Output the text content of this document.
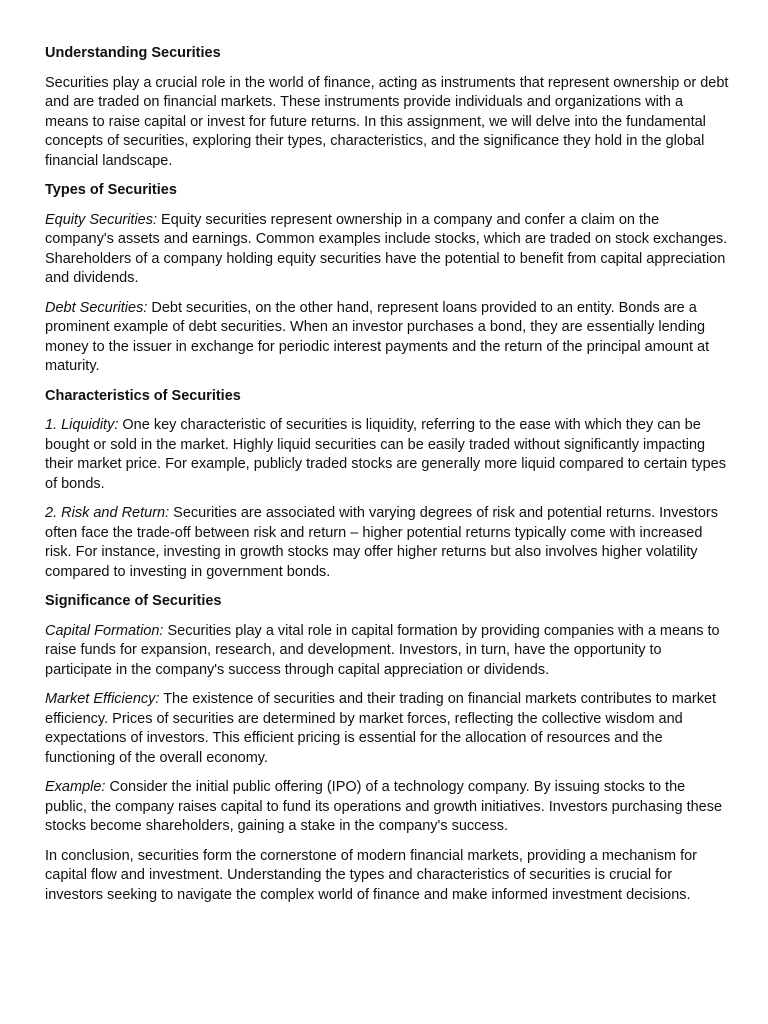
Understanding Securities

Securities play a crucial role in the world of finance, acting as instruments that represent ownership or debt and are traded on financial markets. These instruments provide individuals and organizations with a means to raise capital or invest for future returns. In this assignment, we will delve into the fundamental concepts of securities, exploring their types, characteristics, and the significance they hold in the global financial landscape.

Types of Securities

Equity Securities: Equity securities represent ownership in a company and confer a claim on the company's assets and earnings. Common examples include stocks, which are traded on stock exchanges. Shareholders of a company holding equity securities have the potential to benefit from capital appreciation and dividends.

Debt Securities: Debt securities, on the other hand, represent loans provided to an entity. Bonds are a prominent example of debt securities. When an investor purchases a bond, they are essentially lending money to the issuer in exchange for periodic interest payments and the return of the principal amount at maturity.

Characteristics of Securities

1. Liquidity: One key characteristic of securities is liquidity, referring to the ease with which they can be bought or sold in the market. Highly liquid securities can be easily traded without significantly impacting their market price. For example, publicly traded stocks are generally more liquid compared to certain types of bonds.

2. Risk and Return: Securities are associated with varying degrees of risk and potential returns. Investors often face the trade-off between risk and return – higher potential returns typically come with increased risk. For instance, investing in growth stocks may offer higher returns but also involves higher volatility compared to investing in government bonds.

Significance of Securities

Capital Formation: Securities play a vital role in capital formation by providing companies with a means to raise funds for expansion, research, and development. Investors, in turn, have the opportunity to participate in the company's success through capital appreciation or dividends.

Market Efficiency: The existence of securities and their trading on financial markets contributes to market efficiency. Prices of securities are determined by market forces, reflecting the collective wisdom and expectations of investors. This efficient pricing is essential for the allocation of resources and the functioning of the overall economy.

Example: Consider the initial public offering (IPO) of a technology company. By issuing stocks to the public, the company raises capital to fund its operations and growth initiatives. Investors purchasing these stocks become shareholders, gaining a stake in the company's success.

In conclusion, securities form the cornerstone of modern financial markets, providing a mechanism for capital flow and investment. Understanding the types and characteristics of securities is crucial for investors seeking to navigate the complex world of finance and make informed investment decisions.
